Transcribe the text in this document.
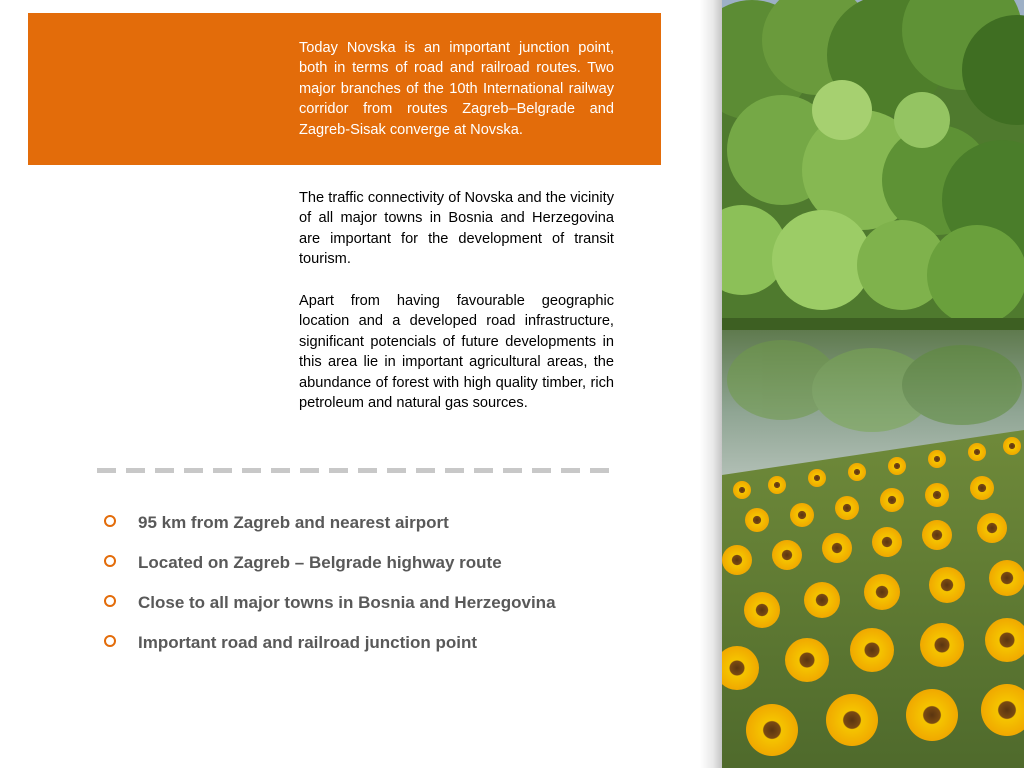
Today Novska is an important junction point, both in terms of road and railroad routes. Two major branches of the 10th International railway corridor from routes Zagreb–Belgrade and Zagreb-Sisak converge at Novska.

The traffic connectivity of Novska and the vicinity of all major towns in Bosnia and Herzegovina are important for the development of transit tourism.

Apart from having favourable geographic location and a developed road infrastructure, significant potencials of future developments in this area lie in important agricultural areas, the abundance of forest with high quality timber, rich petroleum and natural gas sources.

95 km from Zagreb and nearest airport
Located on Zagreb – Belgrade highway route
Close to all major towns in Bosnia and Herzegovina
Important road and railroad junction point
